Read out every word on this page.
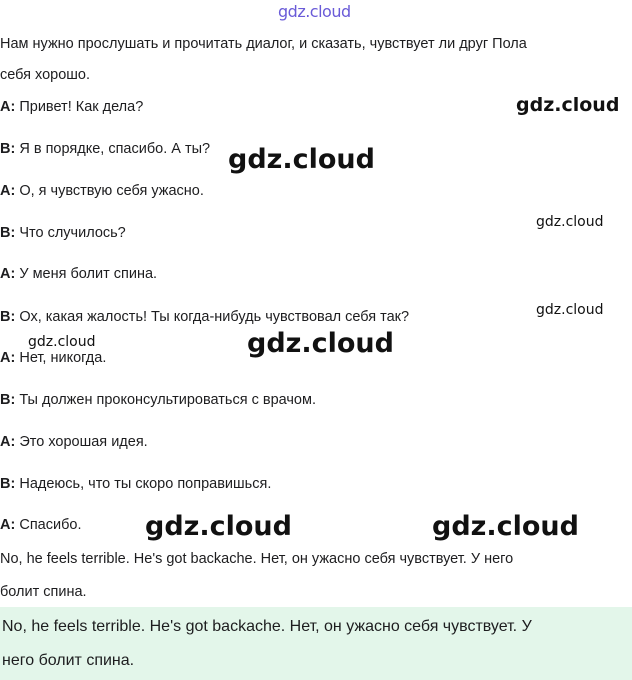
gdz.cloud
gdz.cloud
gdz.cloud
gdz.cloud
gdz.cloud
gdz.cloud	gdz.cloud
gdz.cloud	gdz.cloud
Нам нужно прослушать и прочитать диалог, и сказать, чувствует ли друг Пола
себя хорошо.
A: Привет! Как дела?
B: Я в порядке, спасибо. А ты?
A: О, я чувствую себя ужасно.
B: Что случилось?
A: У меня болит спина.
B: Ох, какая жалость! Ты когда-нибудь чувствовал себя так?
A: Нет, никогда.
B: Ты должен проконсультироваться с врачом.
A: Это хорошая идея.
B: Надеюсь, что ты скоро поправишься.
A: Спасибо.
No, he feels terrible. He's got backache. Нет, он ужасно себя чувствует. У него
болит спина.
No, he feels terrible. He's got backache. Нет, он ужасно себя чувствует. У
него болит спина.
